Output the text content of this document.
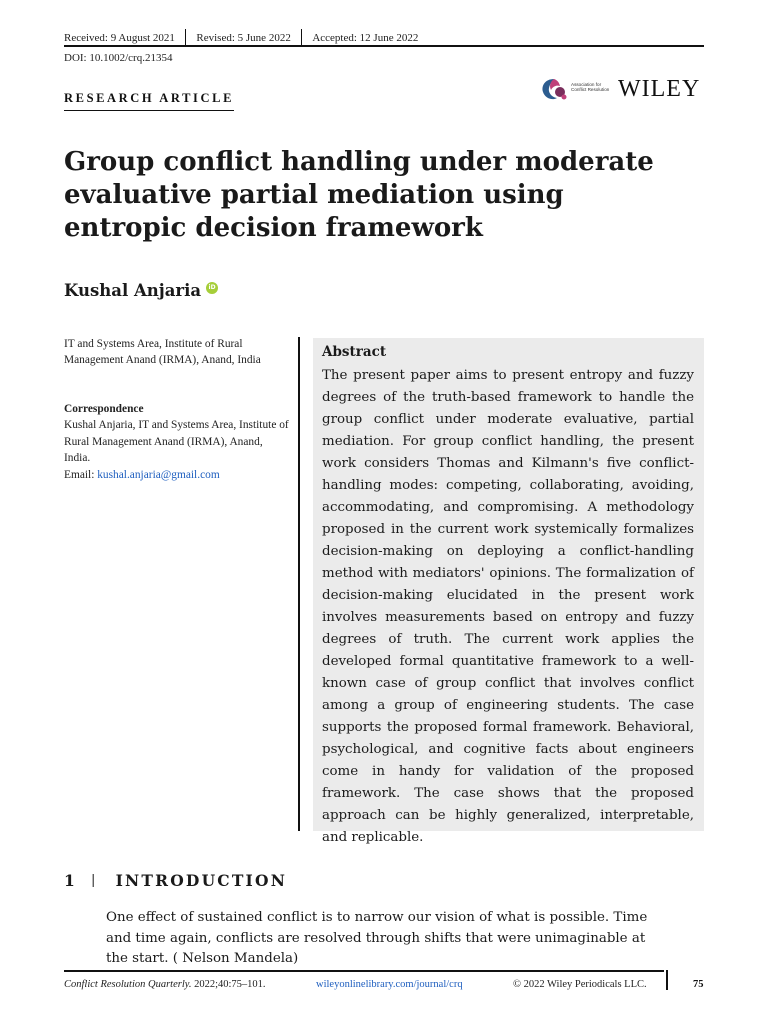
Received: 9 August 2021	Revised: 5 June 2022	Accepted: 12 June 2022
DOI: 10.1002/crq.21354
RESEARCH ARTICLE
Association for Conflict Resolution WILEY
Group conflict handling under moderate evaluative partial mediation using entropic decision framework
Kushal Anjaria	iD
IT and Systems Area, Institute of Rural Management Anand (IRMA), Anand, India
Correspondence
Kushal Anjaria, IT and Systems Area, Institute of Rural Management Anand (IRMA), Anand, India.
Email: kushal.anjaria@gmail.com
Abstract

The present paper aims to present entropy and fuzzy degrees of the truth-based framework to handle the group conflict under moderate evaluative, partial mediation. For group conflict handling, the present work considers Thomas and Kilmann's five conflict-handling modes: competing, collaborating, avoiding, accommodating, and compromising. A methodology proposed in the current work systemically formalizes decision-making on deploying a conflict-handling method with mediators' opinions. The formalization of decision-making elucidated in the present work involves measurements based on entropy and fuzzy degrees of truth. The current work applies the developed formal quantitative framework to a well-known case of group conflict that involves conflict among a group of engineering students. The case supports the proposed formal framework. Behavioral, psychological, and cognitive facts about engineers come in handy for validation of the proposed framework. The case shows that the proposed approach can be highly generalized, interpretable, and replicable.

1 | INTRODUCTION

One effect of sustained conflict is to narrow our vision of what is possible. Time and time again, conflicts are resolved through shifts that were unimaginable at the start. ( Nelson Mandela)

Conflict Resolution Quarterly. 2022;40:75–101.	wileyonlinelibrary.com/journal/crq	© 2022 Wiley Periodicals LLC.	75
